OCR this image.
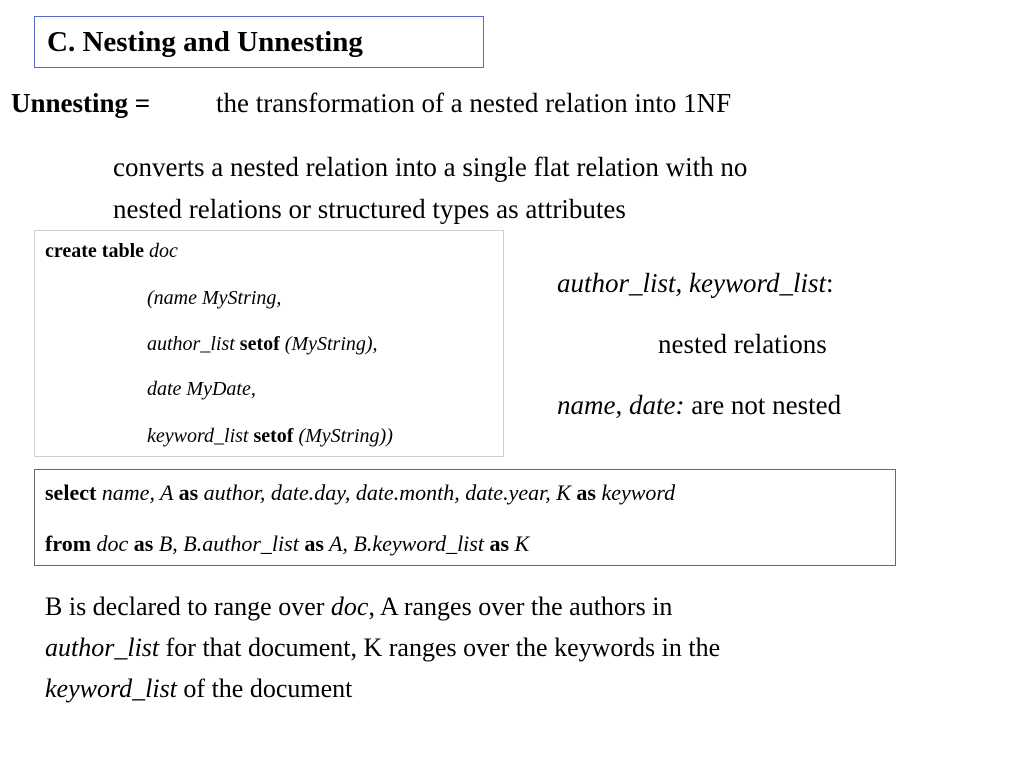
C. Nesting and Unnesting
Unnesting = the transformation of a nested relation into 1NF
converts a nested relation into a single flat relation with no
nested relations or structured types as attributes
create table doc
(name MyString,
author_list setof (MyString),
date MyDate,
keyword_list setof (MyString))
author_list, keyword_list:
nested relations
name, date: are not nested
select name, A as author, date.day, date.month, date.year, K as keyword
from doc as B, B.author_list as A, B.keyword_list as K
B is declared to range over doc, A ranges over the authors in
author_list for that document, K ranges over the keywords in the
keyword_list of the document
